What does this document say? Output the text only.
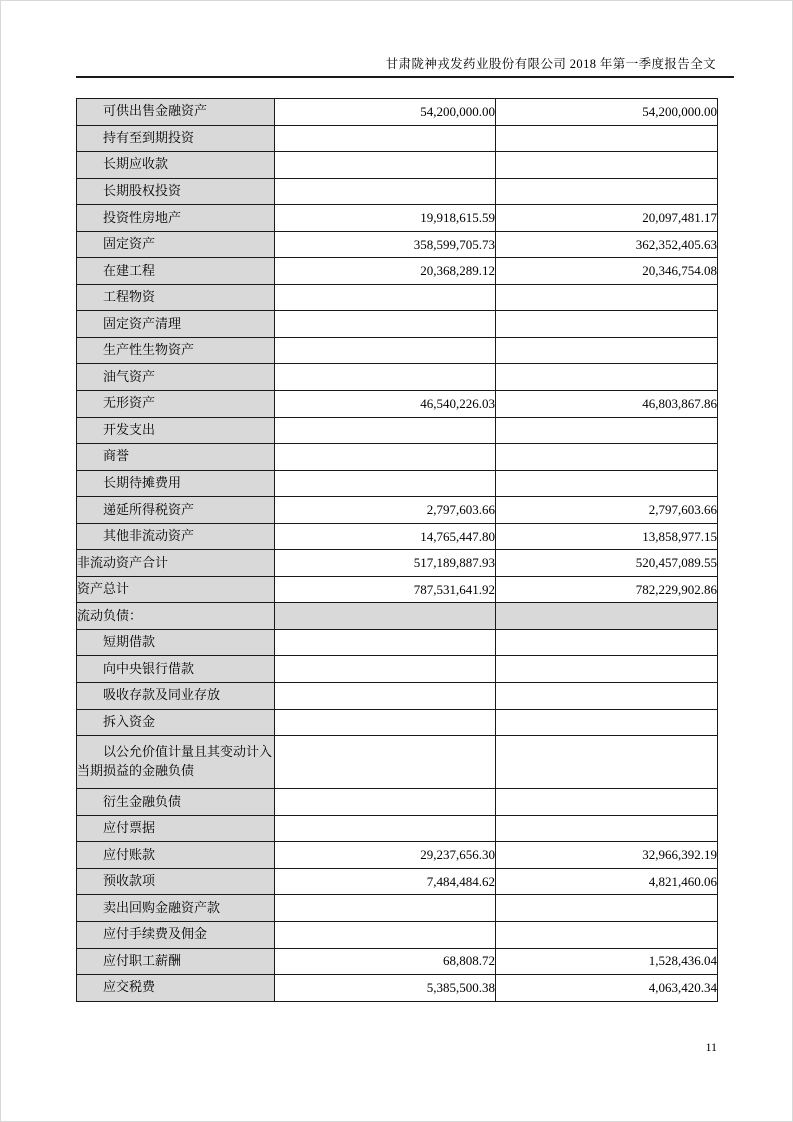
甘肃陇神戎发药业股份有限公司 2018 年第一季度报告全文
可供出售金融资产	54,200,000.00	54,200,000.00
持有至到期投资		
长期应收款		
长期股权投资		
投资性房地产	19,918,615.59	20,097,481.17
固定资产	358,599,705.73	362,352,405.63
在建工程	20,368,289.12	20,346,754.08
工程物资		
固定资产清理		
生产性生物资产		
油气资产		
无形资产	46,540,226.03	46,803,867.86
开发支出		
商誉		
长期待摊费用		
递延所得税资产	2,797,603.66	2,797,603.66
其他非流动资产	14,765,447.80	13,858,977.15
非流动资产合计	517,189,887.93	520,457,089.55
资产总计	787,531,641.92	782,229,902.86
流动负债：		
短期借款		
向中央银行借款		
吸收存款及同业存放		
拆入资金		
以公允价值计量且其变动计入当期损益的金融负债		
衍生金融负债		
应付票据		
应付账款	29,237,656.30	32,966,392.19
预收款项	7,484,484.62	4,821,460.06
卖出回购金融资产款		
应付手续费及佣金		
应付职工薪酬	68,808.72	1,528,436.04
应交税费	5,385,500.38	4,063,420.34
11
